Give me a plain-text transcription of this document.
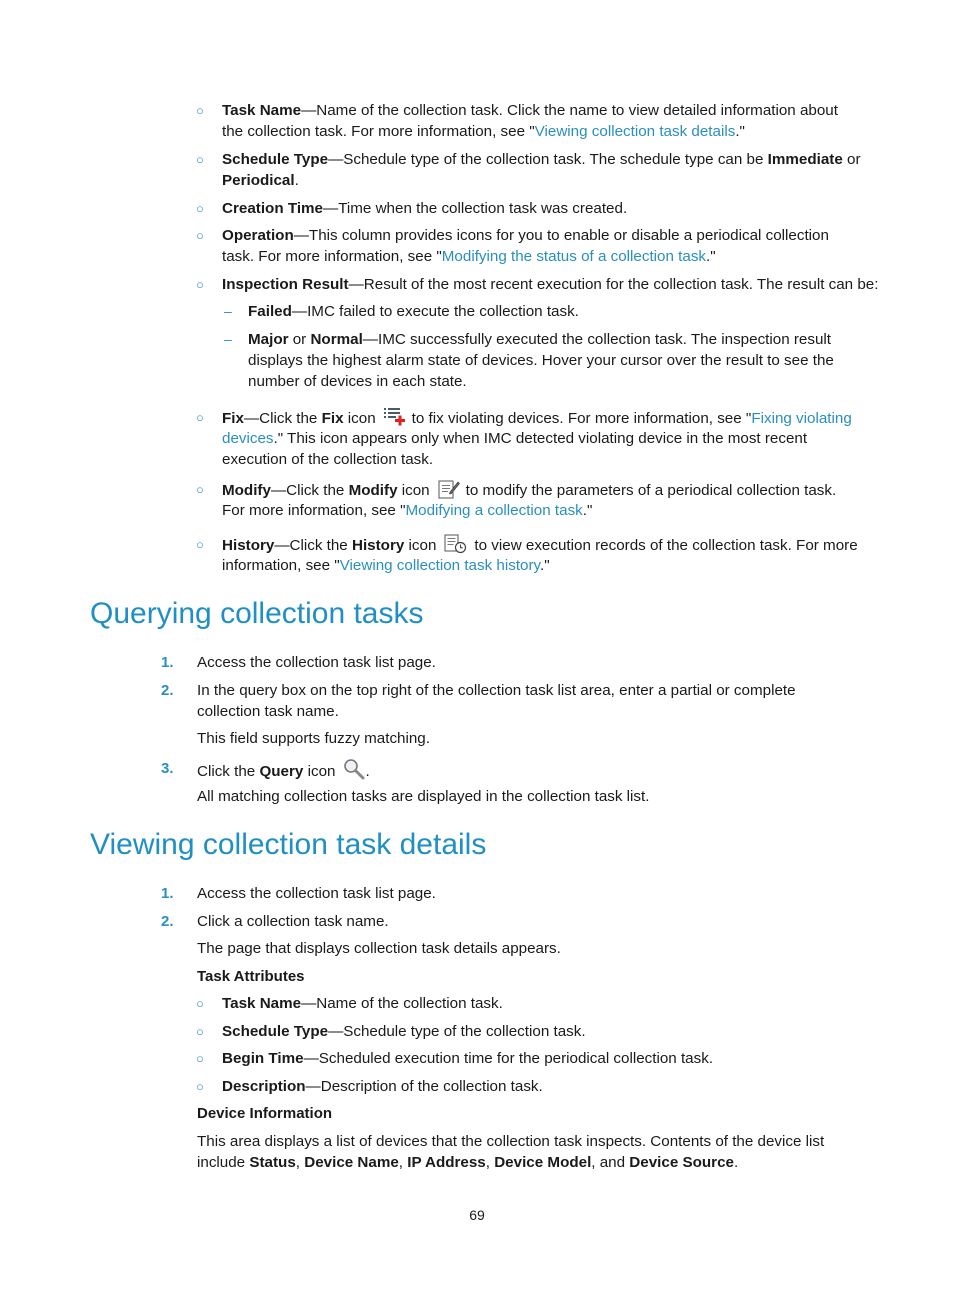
○ Task Name—Name of the collection task. Click the name to view detailed information about
the collection task. For more information, see "Viewing collection task details."
○ Schedule Type—Schedule type of the collection task. The schedule type can be Immediate or
Periodical.
○ Creation Time—Time when the collection task was created.
○ Operation—This column provides icons for you to enable or disable a periodical collection
task. For more information, see "Modifying the status of a collection task."
○ Inspection Result—Result of the most recent execution for the collection task. The result can be:
– Failed—IMC failed to execute the collection task.
– Major or Normal—IMC successfully executed the collection task. The inspection result
displays the highest alarm state of devices. Hover your cursor over the result to see the
number of devices in each state.
○ Fix—Click the Fix icon to fix violating devices. For more information, see "Fixing violating
devices." This icon appears only when IMC detected violating device in the most recent
execution of the collection task.
○ Modify—Click the Modify icon to modify the parameters of a periodical collection task.
For more information, see "Modifying a collection task."
○ History—Click the History icon	to view execution records of the collection task. For more
information, see "Viewing collection task history."
Querying collection tasks
1. Access the collection task list page.
2. In the query box on the top right of the collection task list area, enter a partial or complete
collection task name.
This field supports fuzzy matching.
3. Click the Query icon .
All matching collection tasks are displayed in the collection task list.
Viewing collection task details
1. Access the collection task list page.
2. Click a collection task name.
The page that displays collection task details appears.
Task Attributes
○ Task Name—Name of the collection task.
○ Schedule Type—Schedule type of the collection task.
○ Begin Time—Scheduled execution time for the periodical collection task.
○ Description—Description of the collection task.
Device Information
This area displays a list of devices that the collection task inspects. Contents of the device list
include Status, Device Name, IP Address, Device Model, and Device Source.
69
